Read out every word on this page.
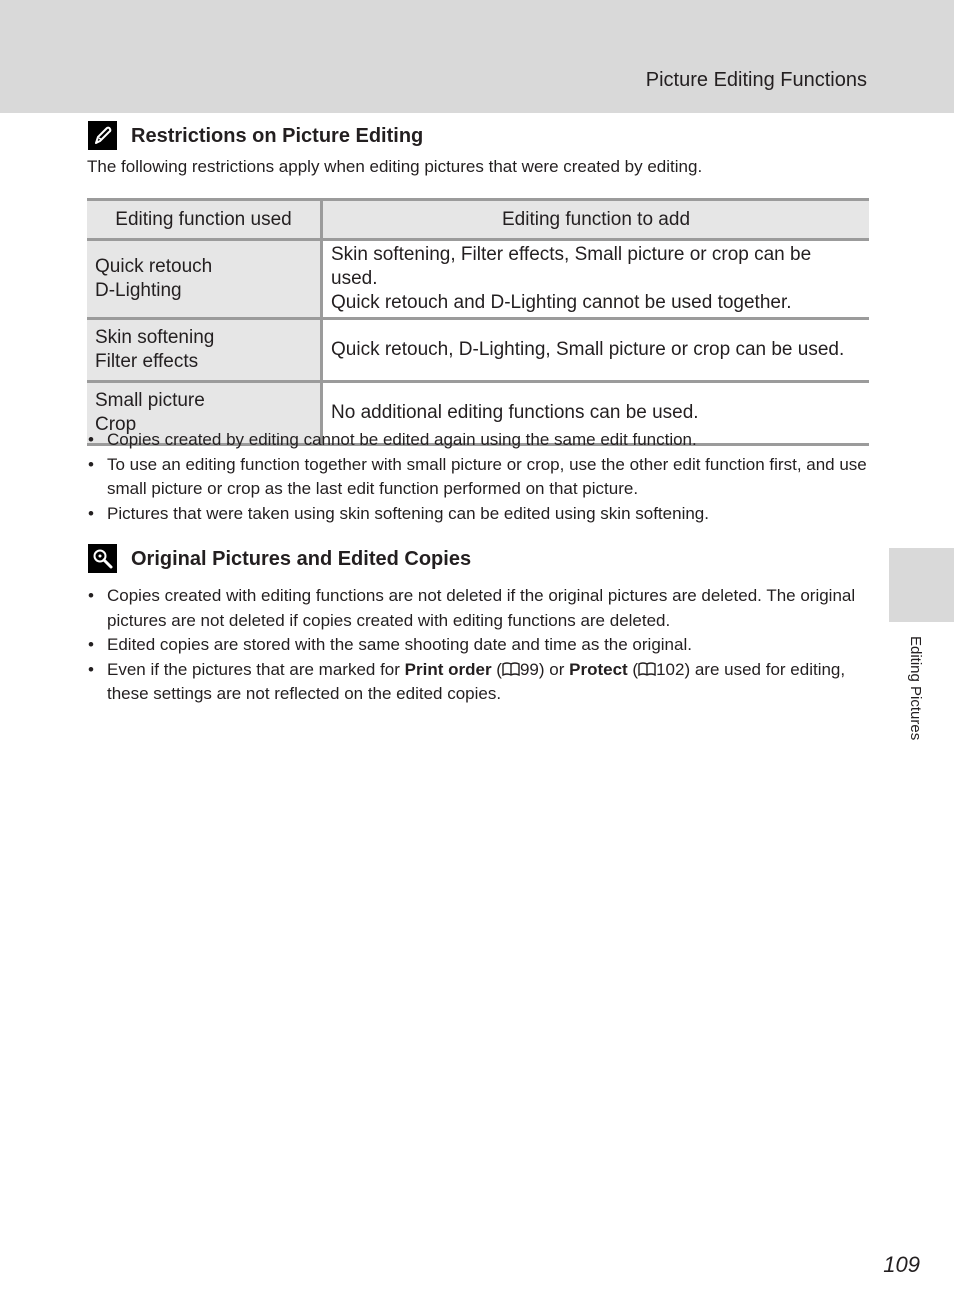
Picture Editing Functions
Restrictions on Picture Editing
The following restrictions apply when editing pictures that were created by editing.
Editing function used	Editing function to add

Quick retouch
D-Lighting	Skin softening, Filter effects, Small picture or crop can be used.
Quick retouch and D-Lighting cannot be used together.

Skin softening
Filter effects	Quick retouch, D-Lighting, Small picture or crop can be used.

Small picture
Crop	No additional editing functions can be used.
• Copies created by editing cannot be edited again using the same edit function.
• To use an editing function together with small picture or crop, use the other edit function first, and use small picture or crop as the last edit function performed on that picture.
• Pictures that were taken using skin softening can be edited using skin softening.
Original Pictures and Edited Copies
• Copies created with editing functions are not deleted if the original pictures are deleted. The original pictures are not deleted if copies created with editing functions are deleted.
• Edited copies are stored with the same shooting date and time as the original.
• Even if the pictures that are marked for Print order ( 99) or Protect ( 102) are used for editing, these settings are not reflected on the edited copies.	Editing Pictures
109
